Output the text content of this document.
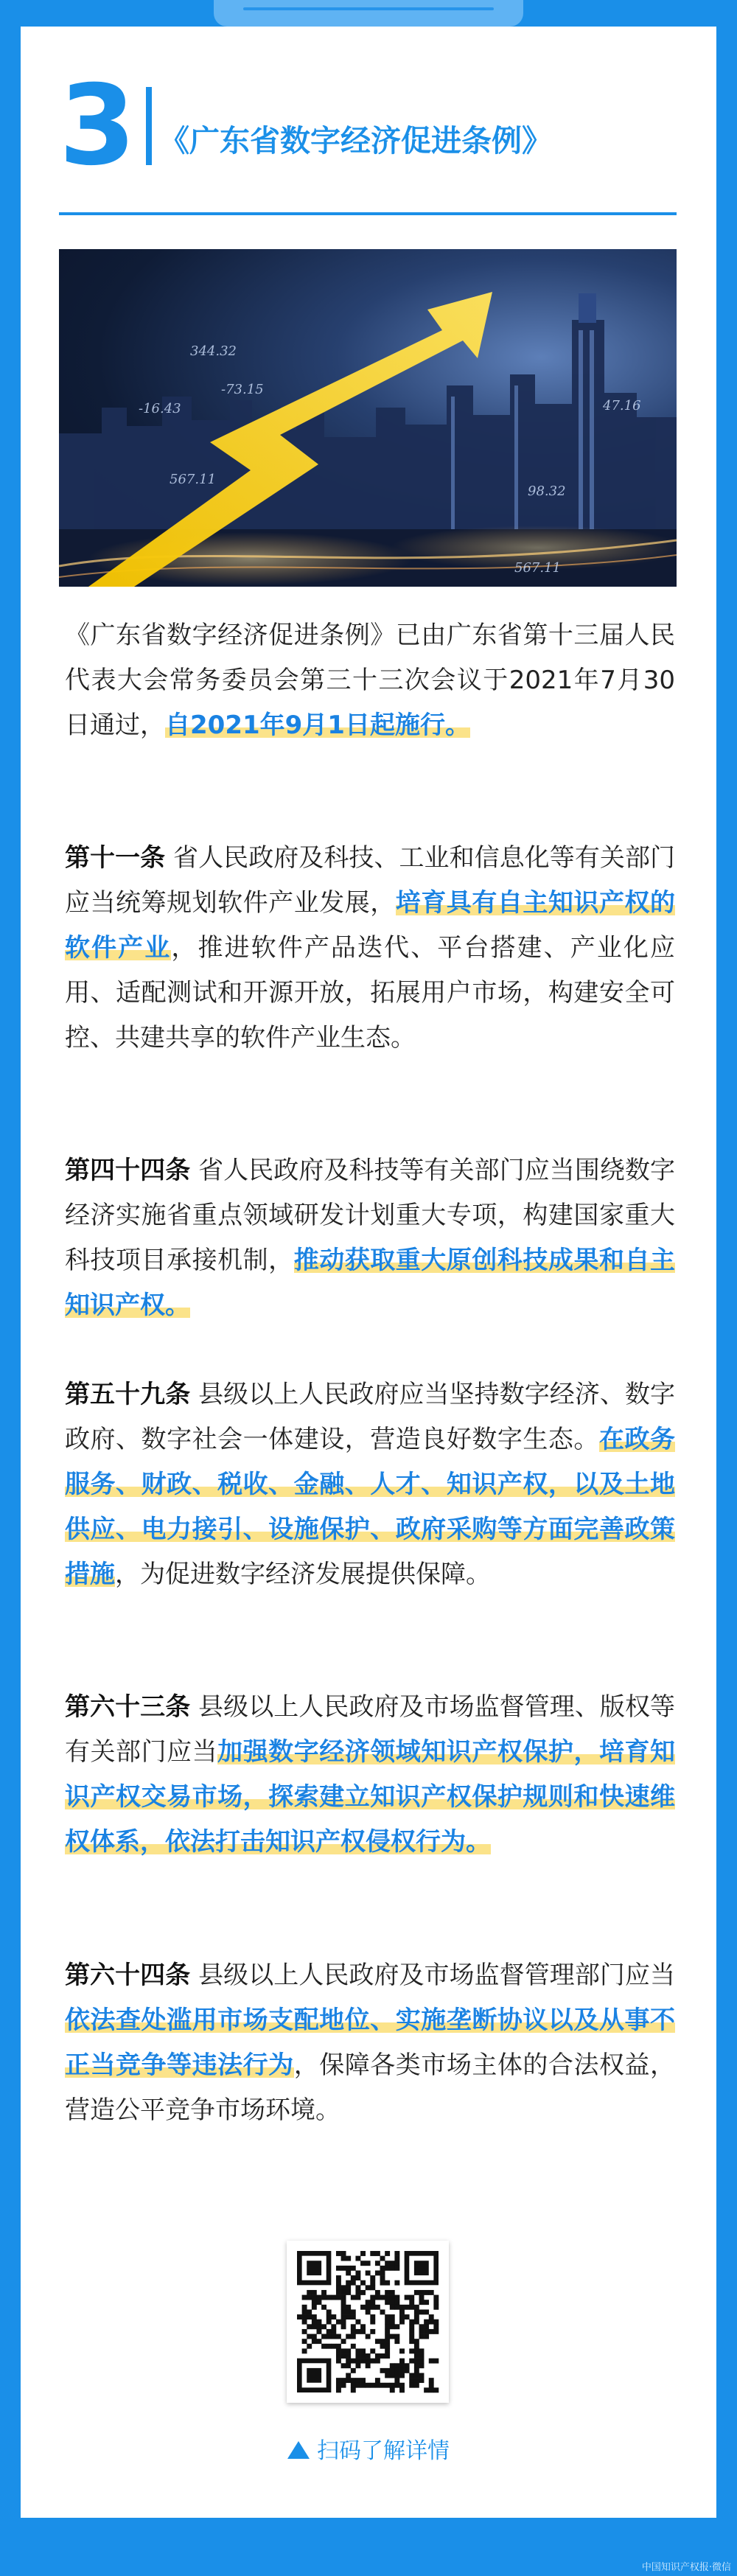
3 《广东省数字经济促进条例》
344.32
-73.15
-16.43
567.11
47.16
98.32
567.11
《广东省数字经济促进条例》已由广东省第十三届人民代表大会常务委员会第三十三次会议于2021年7月30日通过，自2021年9月1日起施行。
第十一条 省人民政府及科技、工业和信息化等有关部门应当统筹规划软件产业发展，培育具有自主知识产权的软件产业，推进软件产品迭代、平台搭建、产业化应用、适配测试和开源开放，拓展用户市场，构建安全可控、共建共享的软件产业生态。
第四十四条 省人民政府及科技等有关部门应当围绕数字经济实施省重点领域研发计划重大专项，构建国家重大科技项目承接机制，推动获取重大原创科技成果和自主知识产权。
第五十九条 县级以上人民政府应当坚持数字经济、数字政府、数字社会一体建设，营造良好数字生态。在政务服务、财政、税收、金融、人才、知识产权，以及土地供应、电力接引、设施保护、政府采购等方面完善政策措施，为促进数字经济发展提供保障。
第六十三条 县级以上人民政府及市场监督管理、版权等有关部门应当加强数字经济领域知识产权保护，培育知识产权交易市场，探索建立知识产权保护规则和快速维权体系，依法打击知识产权侵权行为。
第六十四条 县级以上人民政府及市场监督管理部门应当依法查处滥用市场支配地位、实施垄断协议以及从事不正当竞争等违法行为，保障各类市场主体的合法权益，营造公平竞争市场环境。
扫码了解详情
中国知识产权报·微信
